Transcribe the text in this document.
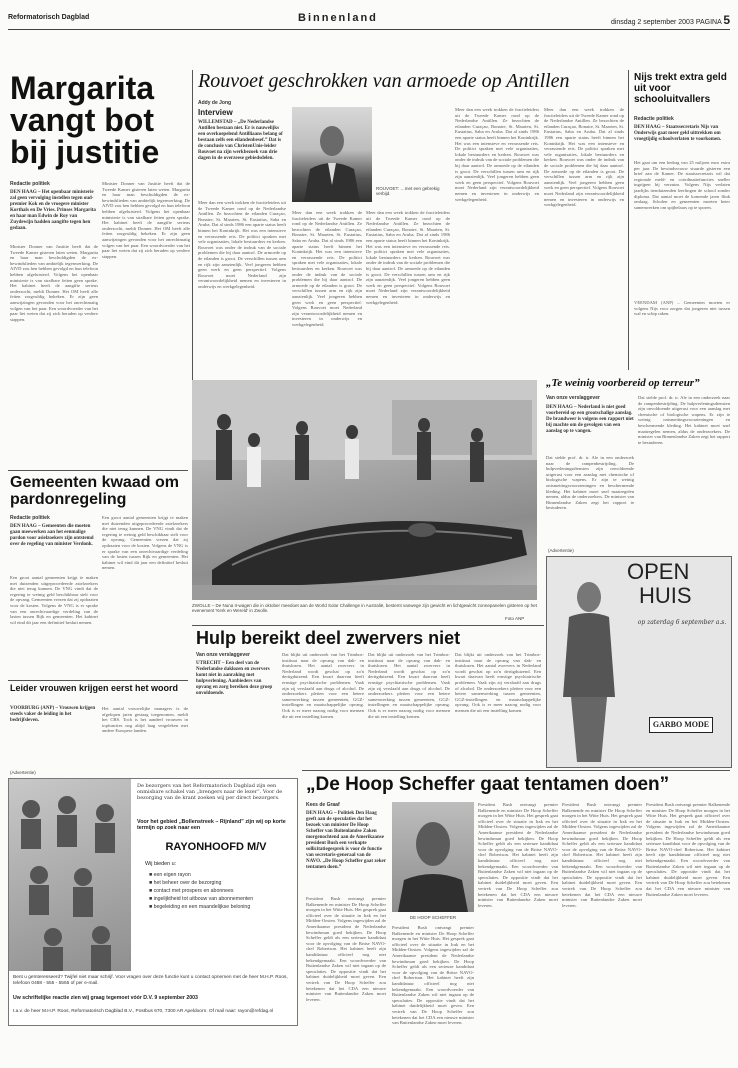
Reformatorisch Dagblad	Binnenland	dinsdag 2 september 2003 PAGINA 5
Margarita vangt bot bij justitie
Redactie politiek
DEN HAAG – Het openbaar ministerie zal geen vervolging instellen tegen oud-premier Kok en de vroegere minister Korthals en De Vries. Prinses Margarita en haar man Edwin de Roy van Zuydewijn hadden aangifte tegen hen gedaan.
Minister Donner van Justitie heeft dat de Tweede Kamer gisteren laten weten. Margarita en haar man beschuldigden de ex-bewindslieden van ambtelijk tegenwerking. De AIVD zou hen hebben gevolgd en hun telefoon hebben afgeluisterd. Volgens het openbaar ministerie is van strafbare feiten geen sprake. Het kabinet heeft de aangifte serieus onderzocht, meldt Donner. Het OM heeft alle feiten zorgvuldig bekeken. Er zijn geen aanwijzingen gevonden voor het onrechtmatig volgen van het paar. Een woordvoerder van het paar liet weten dat zij zich beraden op verdere stappen.
Minister Donner van Justitie heeft dat de Tweede Kamer gisteren laten weten. Margarita en haar man beschuldigden de ex-bewindslieden van ambtelijk tegenwerking. De AIVD zou hen hebben gevolgd en hun telefoon hebben afgeluisterd. Volgens het openbaar ministerie is van strafbare feiten geen sprake. Het kabinet heeft de aangifte serieus onderzocht, meldt Donner. Het OM heeft alle feiten zorgvuldig bekeken. Er zijn geen aanwijzingen gevonden voor het onrechtmatig volgen van het paar. Een woordvoerder van het paar liet weten dat zij zich beraden op verdere stappen.
Rouvoet geschrokken van armoede op Antillen
Addy de Jong
Interview
WILLEMSTAD – „De Nederlandse Antillen bestaan niet. Er is nauwelijks een overkoepelend Antilliaans belang of bestaan zelfs een eilandenbesef.” Dat is de conclusie van ChristenUnie-leider Rouvoet na zijn werkbezoek van drie dagen in de overzeese gebiedsdelen.
Meer dan een week trokken de fractieleiders uit de Tweede Kamer rond op de Nederlandse Antillen. Ze bezochten de eilanden Curaçao, Bonaire, St. Maarten, St. Eustatius, Saba en Aruba. Dat al sinds 1986 een aparte status heeft binnen het Koninkrijk. Het was een intensieve en verrassende reis. De politici spraken met vele organisaties, lokale bestuurders en kerken. Rouvoet was onder de indruk van de sociale problemen die hij daar aantrof. De armoede op de eilanden is groot. De verschillen tussen arm en rijk zijn aanzienlijk. Veel jongeren hebben geen werk en geen perspectief. Volgens Rouvoet moet Nederland zijn verantwoordelijkheid nemen en investeren in onderwijs en werkgelegenheid.
ROUVOET: …met een gebrekig verbijd.
Meer dan een week trokken de fractieleiders uit de Tweede Kamer rond op de Nederlandse Antillen. Ze bezochten de eilanden Curaçao, Bonaire, St. Maarten, St. Eustatius, Saba en Aruba. Dat al sinds 1986 een aparte status heeft binnen het Koninkrijk. Het was een intensieve en verrassende reis. De politici spraken met vele organisaties, lokale bestuurders en kerken. Rouvoet was onder de indruk van de sociale problemen die hij daar aantrof. De armoede op de eilanden is groot. De verschillen tussen arm en rijk zijn aanzienlijk. Veel jongeren hebben geen werk en geen perspectief. Volgens Rouvoet moet Nederland zijn verantwoordelijkheid nemen en investeren in onderwijs en werkgelegenheid.
Meer dan een week trokken de fractieleiders uit de Tweede Kamer rond op de Nederlandse Antillen. Ze bezochten de eilanden Curaçao, Bonaire, St. Maarten, St. Eustatius, Saba en Aruba. Dat al sinds 1986 een aparte status heeft binnen het Koninkrijk. Het was een intensieve en verrassende reis. De politici spraken met vele organisaties, lokale bestuurders en kerken. Rouvoet was onder de indruk van de sociale problemen die hij daar aantrof. De armoede op de eilanden is groot. De verschillen tussen arm en rijk zijn aanzienlijk. Veel jongeren hebben geen werk en geen perspectief. Volgens Rouvoet moet Nederland zijn verantwoordelijkheid nemen en investeren in onderwijs en werkgelegenheid.
Meer dan een week trokken de fractieleiders uit de Tweede Kamer rond op de Nederlandse Antillen. Ze bezochten de eilanden Curaçao, Bonaire, St. Maarten, St. Eustatius, Saba en Aruba. Dat al sinds 1986 een aparte status heeft binnen het Koninkrijk. Het was een intensieve en verrassende reis. De politici spraken met vele organisaties, lokale bestuurders en kerken. Rouvoet was onder de indruk van de sociale problemen die hij daar aantrof. De armoede op de eilanden is groot. De verschillen tussen arm en rijk zijn aanzienlijk. Veel jongeren hebben geen werk en geen perspectief. Volgens Rouvoet moet Nederland zijn verantwoordelijkheid nemen en investeren in onderwijs en werkgelegenheid.
Meer dan een week trokken de fractieleiders uit de Tweede Kamer rond op de Nederlandse Antillen. Ze bezochten de eilanden Curaçao, Bonaire, St. Maarten, St. Eustatius, Saba en Aruba. Dat al sinds 1986 een aparte status heeft binnen het Koninkrijk. Het was een intensieve en verrassende reis. De politici spraken met vele organisaties, lokale bestuurders en kerken. Rouvoet was onder de indruk van de sociale problemen die hij daar aantrof. De armoede op de eilanden is groot. De verschillen tussen arm en rijk zijn aanzienlijk. Veel jongeren hebben geen werk en geen perspectief. Volgens Rouvoet moet Nederland zijn verantwoordelijkheid nemen en investeren in onderwijs en werkgelegenheid.
Nijs trekt extra geld uit voor schooluitvallers
Redactie politiek
DEN HAAG – Staatssecretaris Nijs van Onderwijs gaat meer geld uittrekken om vroegtijdig schoolverlaten te voorkomen.
Het gaat om een bedrag van 25 miljoen euro extra per jaar. De bewindsvrouw stuurde gisteren een brief aan de Kamer. De staatssecretaris wil dat regionale meld- en coördinatiefuncties sneller ingrijpen bij verzuim. Volgens Nijs verlaten jaarlijks tienduizenden leerlingen de school zonder diploma. Dat aantal moet de komende jaren flink omlaag. Scholen en gemeenten moeten beter samenwerken om spijbelaars op te sporen.
VEENDAM (ANP) – Gemeenten moeten er volgens Nijs voor zorgen dat jongeren niet tussen wal en schip raken.
ZWOLLE – De Nuna II-wagen die in oktober meedoet aan de World Solar Challenge in Australië, bestemt vanwege zijn gewicht en lichtgewicht zonnepanelen gisteren op het evenement 'Kerk en Wereld' in Zwolle.
Foto ANP
Gemeenten kwaad om pardonregeling
Redactie politiek
DEN HAAG – Gemeenten die moeten gaan meewerken aan het eenmalige pardon voor asielzoekers zijn ontstemd over de regeling van minister Verdonk.
Een groot aantal gemeenten krijgt te maken met duizenden uitgeprocedeerde asielzoekers die niet terug kunnen. De VNG vindt dat de regering te weinig geld beschikbaar stelt voor de opvang. Gemeenten vrezen dat zij opdraaien voor de kosten. Volgens de VNG is er sprake van een onrechtvaardige verdeling van de lasten tussen Rijk en gemeenten. Het kabinet wil eind dit jaar een definitief besluit nemen.
Een groot aantal gemeenten krijgt te maken met duizenden uitgeprocedeerde asielzoekers die niet terug kunnen. De VNG vindt dat de regering te weinig geld beschikbaar stelt voor de opvang. Gemeenten vrezen dat zij opdraaien voor de kosten. Volgens de VNG is er sprake van een onrechtvaardige verdeling van de lasten tussen Rijk en gemeenten. Het kabinet wil eind dit jaar een definitief besluit nemen.
„Te weinig voorbereid op terreur”
Van onze verslaggever
DEN HAAG – Nederland is niet goed voorbereid op een grootschalige aanslag. De brandweer is volgens een rapport niet bij machte om de gevolgen van een aanslag op te vangen.
Dat stelde prof. dr. ir. Ale in een onderzoek naar de rampenbestrijding. De hulpverleningsdiensten zijn onvoldoende uitgerust voor een aanslag met chemische of biologische wapens. Er zijn te weinig ontsmettingsvoorzieningen en beschermende kleding. Het kabinet moet snel maatregelen nemen, aldus de onderzoekers. De minister van Binnenlandse Zaken zegt het rapport te bestuderen.
Dat stelde prof. dr. ir. Ale in een onderzoek naar de rampenbestrijding. De hulpverleningsdiensten zijn onvoldoende uitgerust voor een aanslag met chemische of biologische wapens. Er zijn te weinig ontsmettingsvoorzieningen en beschermende kleding. Het kabinet moet snel maatregelen nemen, aldus de onderzoekers. De minister van Binnenlandse Zaken zegt het rapport te bestuderen.
(Advertentie)
OPEN
HUIS
op zaterdag 6 september a.s.
GARBO MODE
Hulp bereikt deel zwervers niet
Van onze verslaggever
UTRECHT – Een deel van de Nederlandse daklozen en zwervers komt niet in aanraking met hulpverlening. Aanbieders van opvang en zorg bereiken deze groep onvoldoende.
Dat blijkt uit onderzoek van het Trimbos-instituut naar de opvang van dak- en thuislozen. Het aantal zwervers in Nederland wordt geschat op zo'n dertigduizend. Een kwart daarvan heeft ernstige psychiatrische problemen. Vaak zijn zij verslaafd aan drugs of alcohol. De onderzoekers pleiten voor een betere samenwerking tussen gemeenten, GGZ-instellingen en maatschappelijke opvang. Ook is er meer nazorg nodig voor mensen die uit een instelling komen.
Dat blijkt uit onderzoek van het Trimbos-instituut naar de opvang van dak- en thuislozen. Het aantal zwervers in Nederland wordt geschat op zo'n dertigduizend. Een kwart daarvan heeft ernstige psychiatrische problemen. Vaak zijn zij verslaafd aan drugs of alcohol. De onderzoekers pleiten voor een betere samenwerking tussen gemeenten, GGZ-instellingen en maatschappelijke opvang. Ook is er meer nazorg nodig voor mensen die uit een instelling komen.
Dat blijkt uit onderzoek van het Trimbos-instituut naar de opvang van dak- en thuislozen. Het aantal zwervers in Nederland wordt geschat op zo'n dertigduizend. Een kwart daarvan heeft ernstige psychiatrische problemen. Vaak zijn zij verslaafd aan drugs of alcohol. De onderzoekers pleiten voor een betere samenwerking tussen gemeenten, GGZ-instellingen en maatschappelijke opvang. Ook is er meer nazorg nodig voor mensen die uit een instelling komen.
Leider vrouwen krijgen eerst het woord
VOORBURG (ANP) – Vrouwen krijgen steeds vaker de leiding in het bedrijfsleven.
Het aantal vrouwelijke managers is de afgelopen jaren gestaag toegenomen, meldt het CBS. Toch is het aandeel vrouwen in topfuncties nog altijd laag vergeleken met andere Europese landen.
(Advertentie)
De bezorgers van het Reformatorisch Dagblad zijn een onmisbare schakel van „brengers naar de lezer”. Voor de bezorging van de krant zoeken wij per direct bezorgers.
Voor het gebied „Bollenstreek – Rijnland” zijn wij op korte termijn op zoek naar een
RAYONHOOFD M/V
Wij bieden u:
■ een eigen rayon
■ het beheer over de bezorging
■ contact met prospers en abonnees
■ ingelijktheid tot uitbouw van abonnementen
■ begeleiding en een maandelijkse beloning
Bent u geïnteresseerd? Twijfel niet maar schrijf. Voor vragen over deze functie kunt u contact opnemen met de heer M.H.P. Roos, telefoon 0488 - 555 - 5555 of per e-mail.
Uw schriftelijke reactie zien wij graag tegemoet vóór D.V. 9 september 2003
t.a.v. de heer M.H.P. Roos, Reformatorisch Dagblad B.V., Postbus 670, 7300 AR Apeldoorn. Of mail naar: rayon@refdag.nl
„De Hoop Scheffer gaat tentamen doen”
Kees de Graaf
DEN HAAG – Politiek Den Haag geeft aan de speculaties dat het bezoek van minister De Hoop Scheffer van Buitenlandse Zaken morgenochtend aan de Amerikaanse president Bush een verkapte sollicitatiegesprek is voor de functie van secretaris-generaal van de NAVO. „De Hoop Scheffer gaat zeker tentamen doen.”
President Bush ontvangt premier Balkenende en minister De Hoop Scheffer morgen in het Witte Huis. Het gesprek gaat officieel over de situatie in Irak en het Midden-Oosten. Volgens ingewijden zal de Amerikaanse president de Nederlandse bewindsman goed bekijken. De Hoop Scheffer geldt als een serieuze kandidaat voor de opvolging van de Britse NAVO-chef Robertson. Het kabinet heeft zijn kandidatuur officieel nog niet bekendgemaakt. Een woordvoerder van Buitenlandse Zaken wil niet ingaan op de speculaties. De oppositie vindt dat het kabinet duidelijkheid moet geven. Een vertrek van De Hoop Scheffer zou betekenen dat het CDA een nieuwe minister van Buitenlandse Zaken moet leveren.
DE HOOP SCHEFFER
President Bush ontvangt premier Balkenende en minister De Hoop Scheffer morgen in het Witte Huis. Het gesprek gaat officieel over de situatie in Irak en het Midden-Oosten. Volgens ingewijden zal de Amerikaanse president de Nederlandse bewindsman goed bekijken. De Hoop Scheffer geldt als een serieuze kandidaat voor de opvolging van de Britse NAVO-chef Robertson. Het kabinet heeft zijn kandidatuur officieel nog niet bekendgemaakt. Een woordvoerder van Buitenlandse Zaken wil niet ingaan op de speculaties. De oppositie vindt dat het kabinet duidelijkheid moet geven. Een vertrek van De Hoop Scheffer zou betekenen dat het CDA een nieuwe minister van Buitenlandse Zaken moet leveren.
President Bush ontvangt premier Balkenende en minister De Hoop Scheffer morgen in het Witte Huis. Het gesprek gaat officieel over de situatie in Irak en het Midden-Oosten. Volgens ingewijden zal de Amerikaanse president de Nederlandse bewindsman goed bekijken. De Hoop Scheffer geldt als een serieuze kandidaat voor de opvolging van de Britse NAVO-chef Robertson. Het kabinet heeft zijn kandidatuur officieel nog niet bekendgemaakt. Een woordvoerder van Buitenlandse Zaken wil niet ingaan op de speculaties. De oppositie vindt dat het kabinet duidelijkheid moet geven. Een vertrek van De Hoop Scheffer zou betekenen dat het CDA een nieuwe minister van Buitenlandse Zaken moet leveren.
President Bush ontvangt premier Balkenende en minister De Hoop Scheffer morgen in het Witte Huis. Het gesprek gaat officieel over de situatie in Irak en het Midden-Oosten. Volgens ingewijden zal de Amerikaanse president de Nederlandse bewindsman goed bekijken. De Hoop Scheffer geldt als een serieuze kandidaat voor de opvolging van de Britse NAVO-chef Robertson. Het kabinet heeft zijn kandidatuur officieel nog niet bekendgemaakt. Een woordvoerder van Buitenlandse Zaken wil niet ingaan op de speculaties. De oppositie vindt dat het kabinet duidelijkheid moet geven. Een vertrek van De Hoop Scheffer zou betekenen dat het CDA een nieuwe minister van Buitenlandse Zaken moet leveren.
President Bush ontvangt premier Balkenende en minister De Hoop Scheffer morgen in het Witte Huis. Het gesprek gaat officieel over de situatie in Irak en het Midden-Oosten. Volgens ingewijden zal de Amerikaanse president de Nederlandse bewindsman goed bekijken. De Hoop Scheffer geldt als een serieuze kandidaat voor de opvolging van de Britse NAVO-chef Robertson. Het kabinet heeft zijn kandidatuur officieel nog niet bekendgemaakt. Een woordvoerder van Buitenlandse Zaken wil niet ingaan op de speculaties. De oppositie vindt dat het kabinet duidelijkheid moet geven. Een vertrek van De Hoop Scheffer zou betekenen dat het CDA een nieuwe minister van Buitenlandse Zaken moet leveren.
